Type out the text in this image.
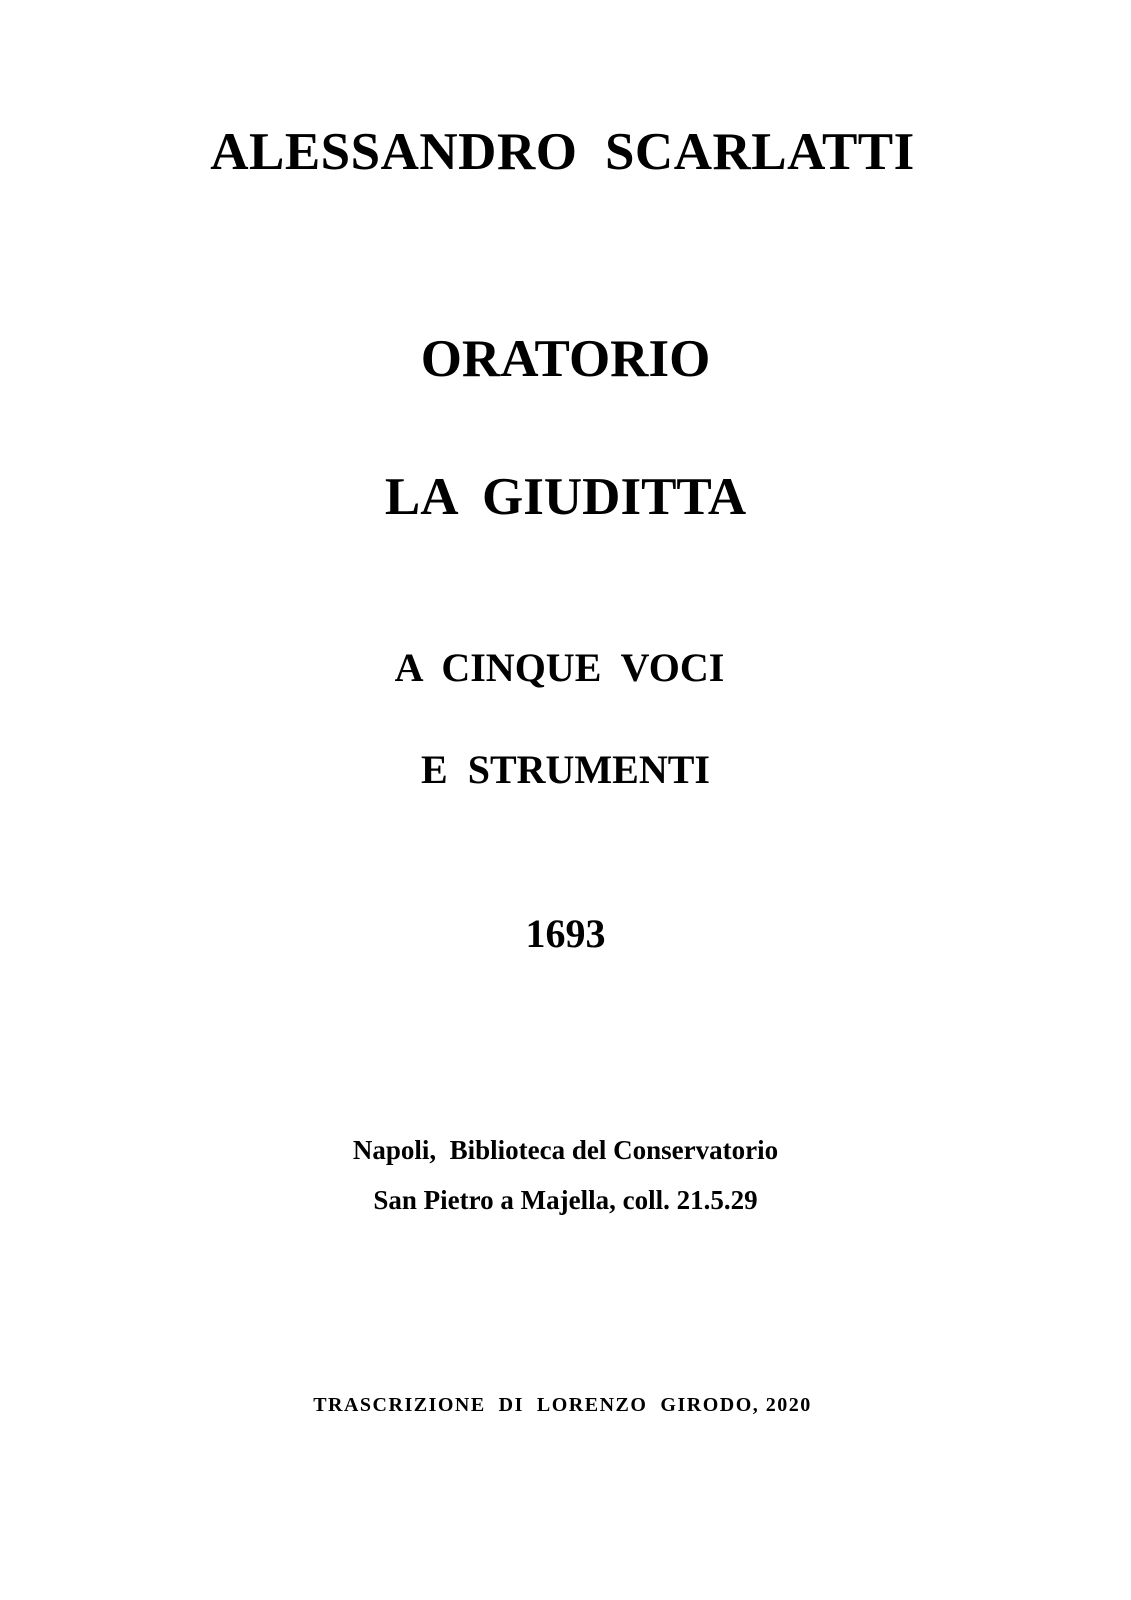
ALESSANDRO  SCARLATTI
ORATORIO
LA  GIUDITTA

A  CINQUE  VOCI

E  STRUMENTI

1693

Napoli,  Biblioteca del Conservatorio

San Pietro a Majella, coll. 21.5.29

TRASCRIZIONE  DI  LORENZO  GIRODO, 2020
